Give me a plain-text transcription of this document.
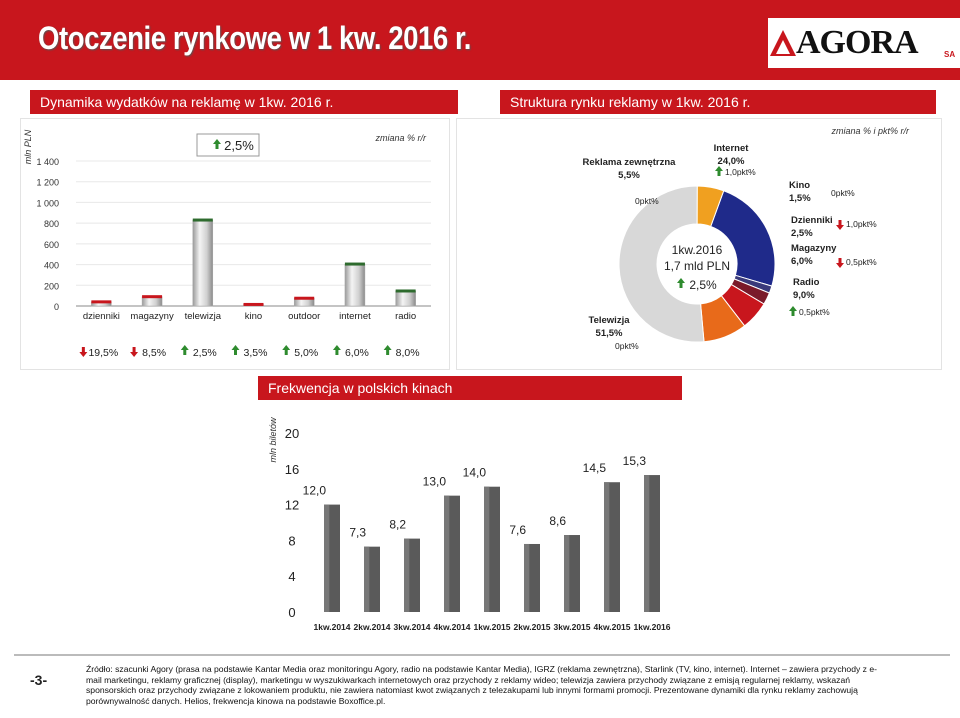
Otoczenie rynkowe w 1 kw. 2016 r.	AGORA	SA
Dynamika wydatków na reklamę w 1kw. 2016 r.
mln PLN	zmiana % r/r
1 400
1 200
1 000
800
600
400
200
0
2,5%
dzienniki
19,5%
magazyny
8,5%
telewizja
2,5%
kino
3,5%
outdoor
5,0%
internet
6,0%
radio
8,0%
Struktura rynku reklamy w 1kw. 2016 r.
1kw.2016
1,7 mld PLN
2,5%
zmiana % i pkt% r/r
Internet
24,0%
1,0pkt%
Kino
1,5% 0pkt%
Dzienniki
2,5%
1,0pkt%
Magazyny
6,0%	0,5pkt%
Radio
9,0%
0,5pkt%
Telewizja
51,5%
0pkt%
Reklama zewnętrzna
5,5%
0pkt%
Frekwencja w polskich kinach
mln biletów 20
16
12
8
4
0
12,0
1kw.2014
7,3
2kw.2014
8,2
3kw.2014
13,0
4kw.2014
14,0
1kw.2015
7,6
2kw.2015
8,6
3kw.2015
14,5
4kw.2015
15,3
1kw.2016
-3-
Źródło: szacunki Agory (prasa na podstawie Kantar Media oraz monitoringu Agory, radio na podstawie Kantar Media), IGRZ (reklama zewnętrzna), Starlink (TV, kino, internet). Internet – zawiera przychody z e-mail marketingu, reklamy graficznej (display), marketingu w wyszukiwarkach internetowych oraz przychody z reklamy wideo; telewizja zawiera przychody związane z emisją regularnej reklamy, wskazań sponsorskich oraz przychody związane z lokowaniem produktu, nie zawiera natomiast kwot związanych z telezakupami lub innymi formami promocji. Prezentowane dynamiki dla rynku reklamy zachowują porównywalność danych. Helios, frekwencja kinowa na podstawie Boxoffice.pl.
